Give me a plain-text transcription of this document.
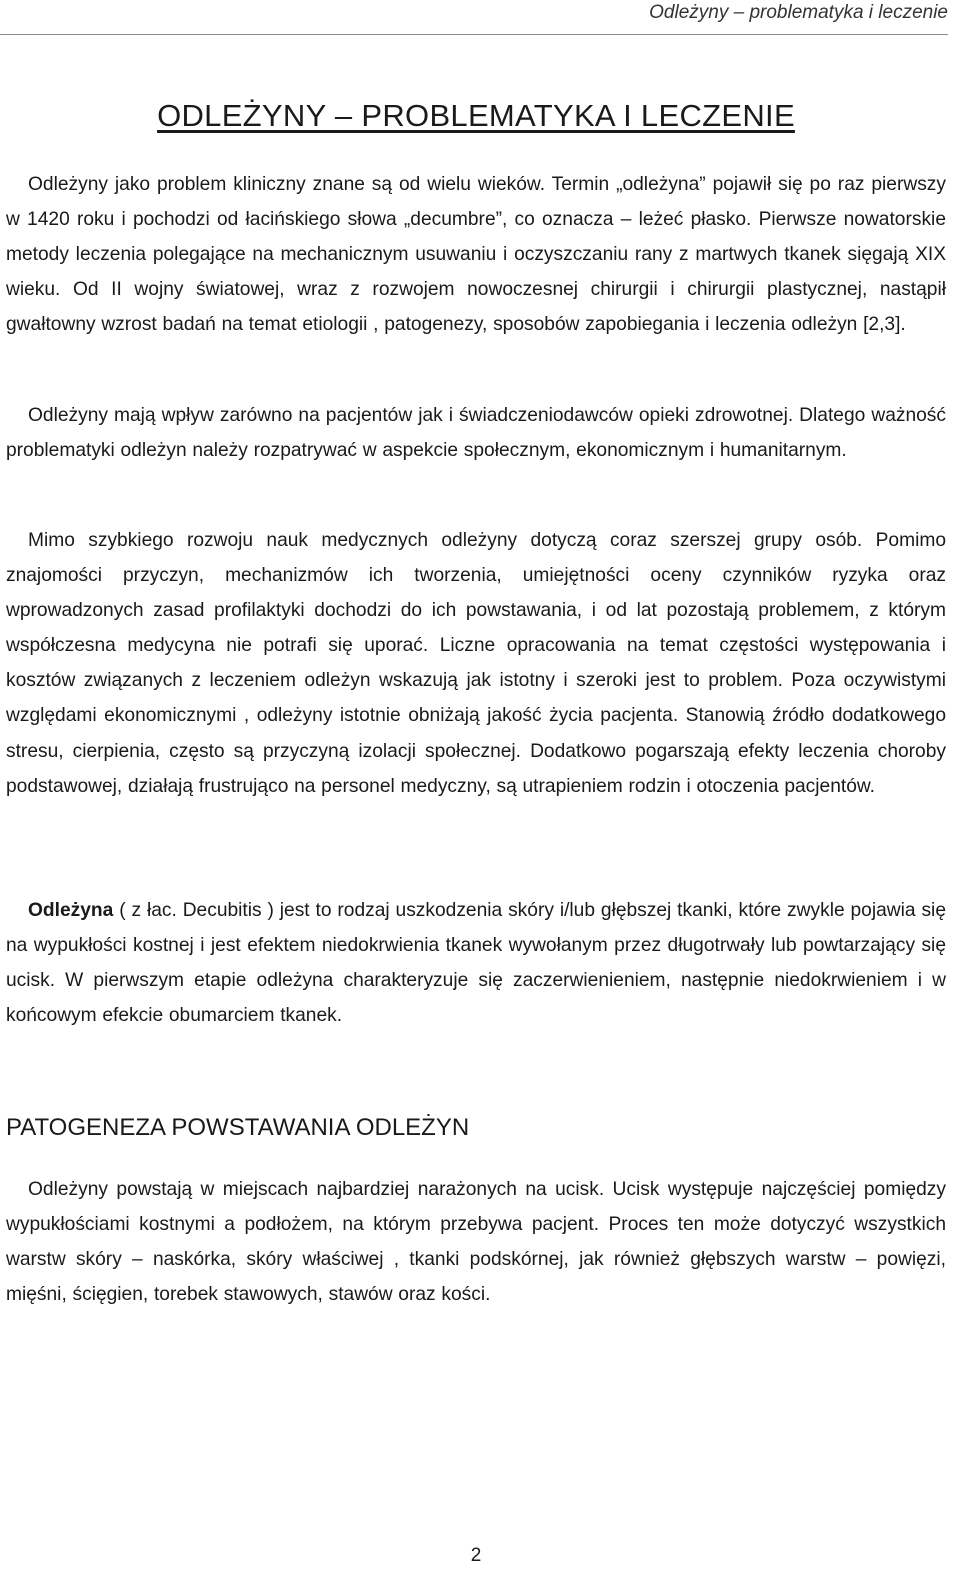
Odleżyny – problematyka i leczenie
ODLEŻYNY – PROBLEMATYKA I LECZENIE

Odleżyny jako problem kliniczny znane są od wielu wieków. Termin „odleżyna” pojawił się po raz pierwszy w 1420 roku i pochodzi od łacińskiego słowa „decumbre”, co oznacza – leżeć płasko. Pierwsze nowatorskie metody leczenia polegające na mechanicznym usuwaniu i oczyszczaniu rany z martwych tkanek sięgają XIX wieku. Od II wojny światowej, wraz z rozwojem nowoczesnej chirurgii i chirurgii plastycznej, nastąpił gwałtowny wzrost badań na temat etiologii , patogenezy, sposobów zapobiegania i leczenia odleżyn [2,3].

Odleżyny mają wpływ zarówno na pacjentów jak i świadczeniodawców opieki zdrowotnej. Dlatego ważność problematyki odleżyn należy rozpatrywać w aspekcie społecznym, ekonomicznym i humanitarnym.

Mimo szybkiego rozwoju nauk medycznych odleżyny dotyczą coraz szerszej grupy osób. Pomimo znajomości przyczyn, mechanizmów ich tworzenia, umiejętności oceny czynników ryzyka oraz wprowadzonych zasad profilaktyki dochodzi do ich powstawania, i od lat pozostają problemem, z którym współczesna medycyna nie potrafi się uporać. Liczne opracowania na temat częstości występowania i kosztów związanych z leczeniem odleżyn wskazują jak istotny i szeroki jest to problem. Poza oczywistymi względami ekonomicznymi , odleżyny istotnie obniżają jakość życia pacjenta. Stanowią źródło dodatkowego stresu, cierpienia, często są przyczyną izolacji społecznej. Dodatkowo pogarszają efekty leczenia choroby podstawowej, działają frustrująco na personel medyczny, są utrapieniem rodzin i otoczenia pacjentów.

Odleżyna ( z łac. Decubitis ) jest to rodzaj uszkodzenia skóry i/lub głębszej tkanki, które zwykle pojawia się na wypukłości kostnej i jest efektem niedokrwienia tkanek wywołanym przez długotrwały lub powtarzający się ucisk. W pierwszym etapie odleżyna charakteryzuje się zaczerwienieniem, następnie niedokrwieniem i w końcowym efekcie obumarciem tkanek.

PATOGENEZA POWSTAWANIA ODLEŻYN

Odleżyny powstają w miejscach najbardziej narażonych na ucisk. Ucisk występuje najczęściej pomiędzy wypukłościami kostnymi a podłożem, na którym przebywa pacjent. Proces ten może dotyczyć wszystkich warstw skóry – naskórka, skóry właściwej , tkanki podskórnej, jak również głębszych warstw – powięzi, mięśni, ścięgien, torebek stawowych, stawów oraz kości.

2
